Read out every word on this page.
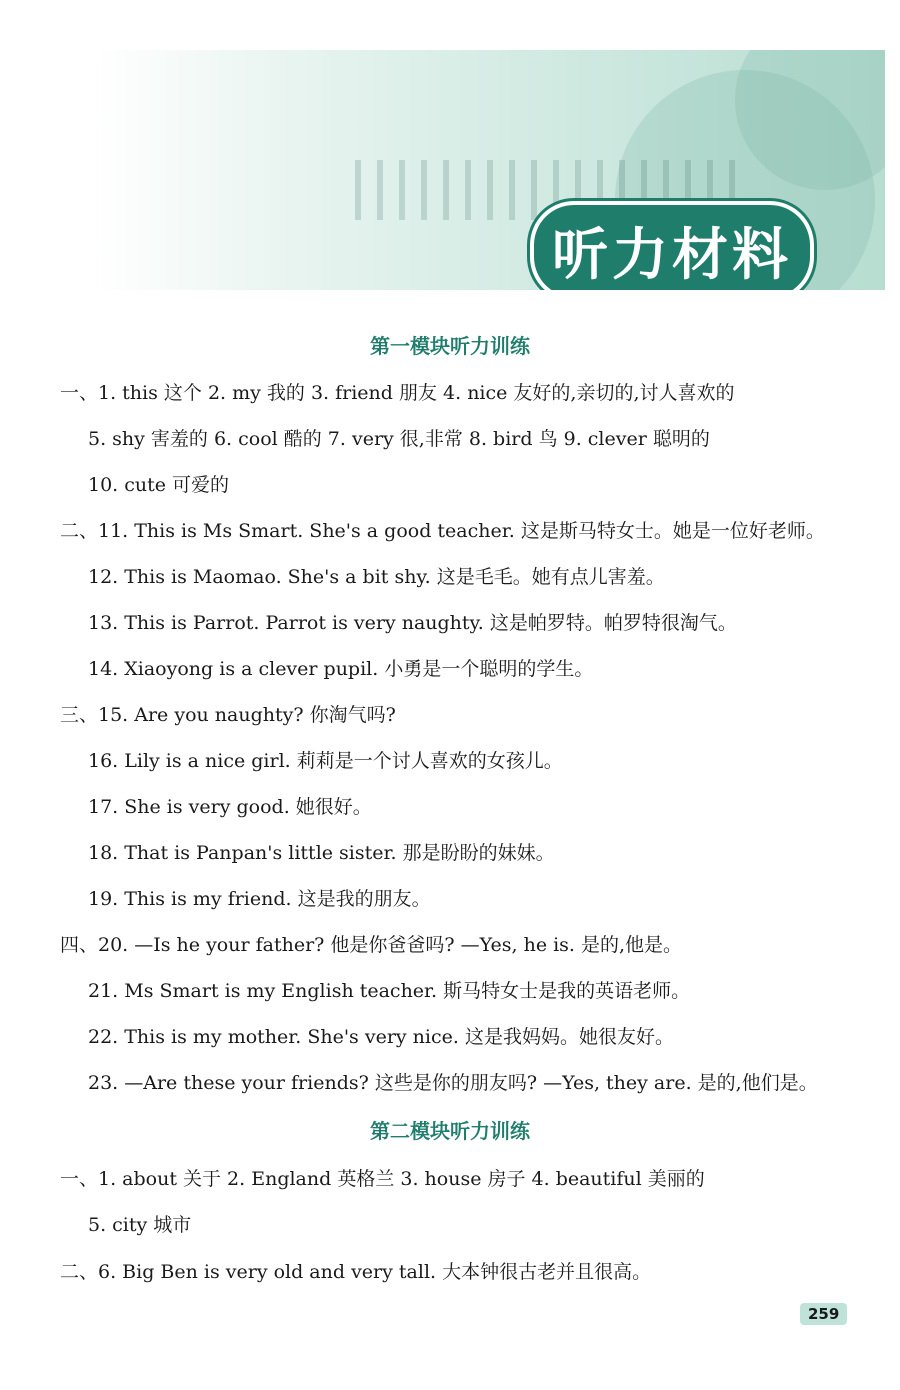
听力材料
第一模块听力训练
一、1. this 这个 2. my 我的 3. friend 朋友 4. nice 友好的,亲切的,讨人喜欢的
5. shy 害羞的 6. cool 酷的 7. very 很,非常 8. bird 鸟 9. clever 聪明的
10. cute 可爱的
二、11. This is Ms Smart. She's a good teacher. 这是斯马特女士。她是一位好老师。
12. This is Maomao. She's a bit shy. 这是毛毛。她有点儿害羞。
13. This is Parrot. Parrot is very naughty. 这是帕罗特。帕罗特很淘气。
14. Xiaoyong is a clever pupil. 小勇是一个聪明的学生。
三、15. Are you naughty? 你淘气吗?
16. Lily is a nice girl. 莉莉是一个讨人喜欢的女孩儿。
17. She is very good. 她很好。
18. That is Panpan's little sister. 那是盼盼的妹妹。
19. This is my friend. 这是我的朋友。
四、20. —Is he your father? 他是你爸爸吗? —Yes, he is. 是的,他是。
21. Ms Smart is my English teacher. 斯马特女士是我的英语老师。
22. This is my mother. She's very nice. 这是我妈妈。她很友好。
23. —Are these your friends? 这些是你的朋友吗? —Yes, they are. 是的,他们是。
第二模块听力训练
一、1. about 关于 2. England 英格兰 3. house 房子 4. beautiful 美丽的
5. city 城市
二、6. Big Ben is very old and very tall. 大本钟很古老并且很高。
259
